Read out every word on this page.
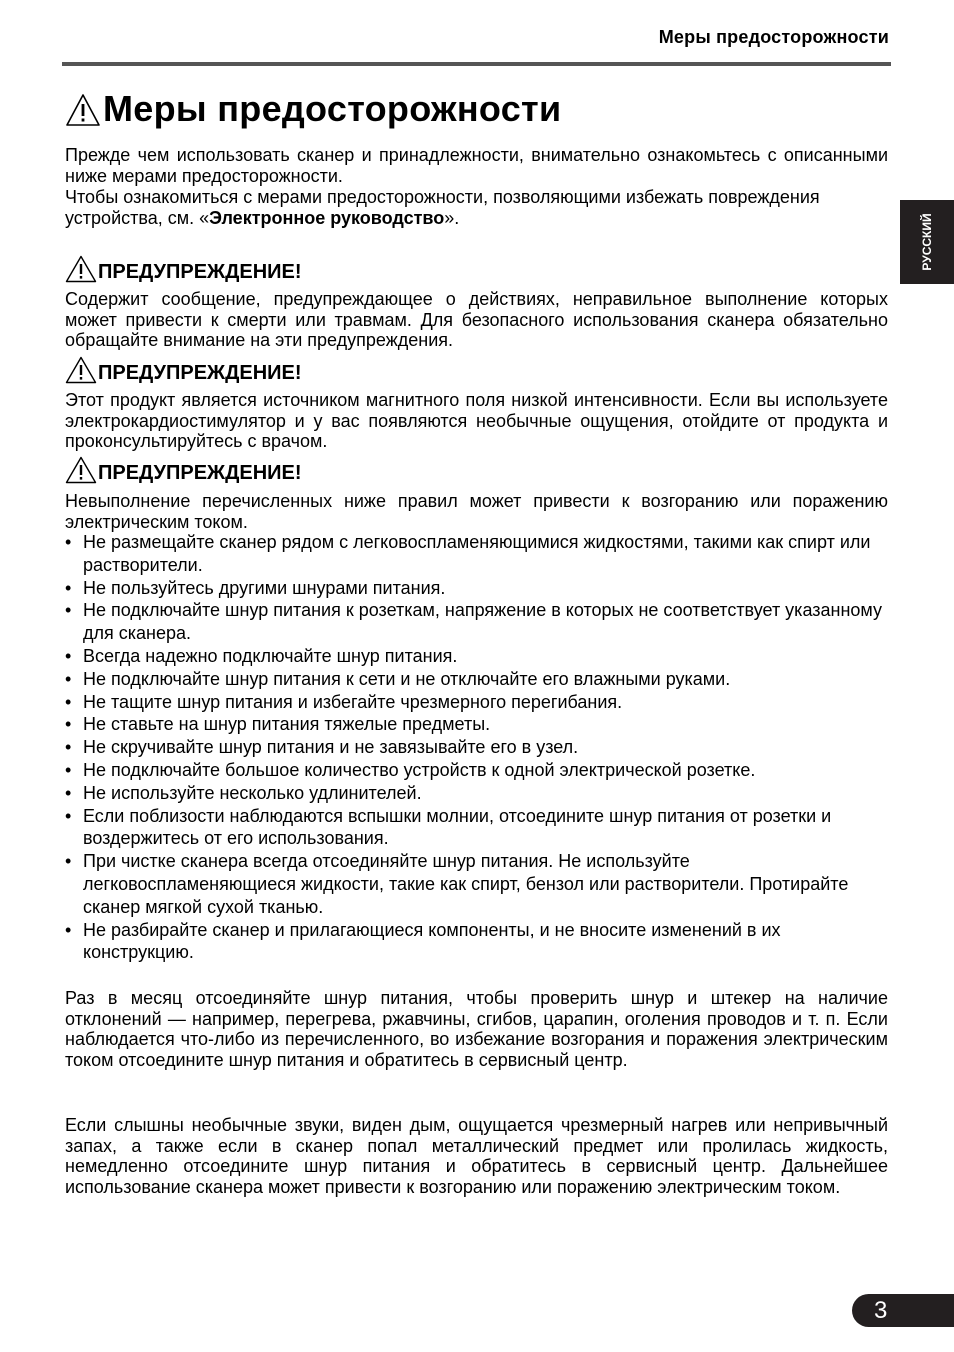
Меры предосторожности
РУССКИЙ
Меры предосторожности

Прежде чем использовать сканер и принадлежности, внимательно ознакомьтесь с описанными ниже мерами предосторожности.

Чтобы ознакомиться с мерами предосторожности, позволяющими избежать повреждения устройства, см. «Электронное руководство».

ПРЕДУПРЕЖДЕНИЕ!

Содержит сообщение, предупреждающее о действиях, неправильное выполнение которых может привести к смерти или травмам. Для безопасного использования сканера обязательно обращайте внимание на эти предупреждения.

ПРЕДУПРЕЖДЕНИЕ!

Этот продукт является источником магнитного поля низкой интенсивности. Если вы используете электрокардиостимулятор и у вас появляются необычные ощущения, отойдите от продукта и проконсультируйтесь с врачом.

ПРЕДУПРЕЖДЕНИЕ!

Невыполнение перечисленных ниже правил может привести к возгоранию или поражению электрическим током.

• Не размещайте сканер рядом с легковоспламеняющимися жидкостями, такими как спирт или растворители.
• Не пользуйтесь другими шнурами питания.
• Не подключайте шнур питания к розеткам, напряжение в которых не соответствует указанному для сканера.
• Всегда надежно подключайте шнур питания.
• Не подключайте шнур питания к сети и не отключайте его влажными руками.
• Не тащите шнур питания и избегайте чрезмерного перегибания.
• Не ставьте на шнур питания тяжелые предметы.
• Не скручивайте шнур питания и не завязывайте его в узел.
• Не подключайте большое количество устройств к одной электрической розетке.
• Не используйте несколько удлинителей.
• Если поблизости наблюдаются вспышки молнии, отсоедините шнур питания от розетки и воздержитесь от его использования.
• При чистке сканера всегда отсоединяйте шнур питания. Не используйте легковоспламеняющиеся жидкости, такие как спирт, бензол или растворители. Протирайте сканер мягкой сухой тканью.
• Не разбирайте сканер и прилагающиеся компоненты, и не вносите изменений в их конструкцию.

Раз в месяц отсоединяйте шнур питания, чтобы проверить шнур и штекер на наличие отклонений — например, перегрева, ржавчины, сгибов, царапин, оголения проводов и т. п. Если наблюдается что-либо из перечисленного, во избежание возгорания и поражения электрическим током отсоедините шнур питания и обратитесь в сервисный центр.

Если слышны необычные звуки, виден дым, ощущается чрезмерный нагрев или непривычный запах, а также если в сканер попал металлический предмет или пролилась жидкость, немедленно отсоедините шнур питания и обратитесь в сервисный центр. Дальнейшее использование сканера может привести к возгоранию или поражению электрическим током.

3
